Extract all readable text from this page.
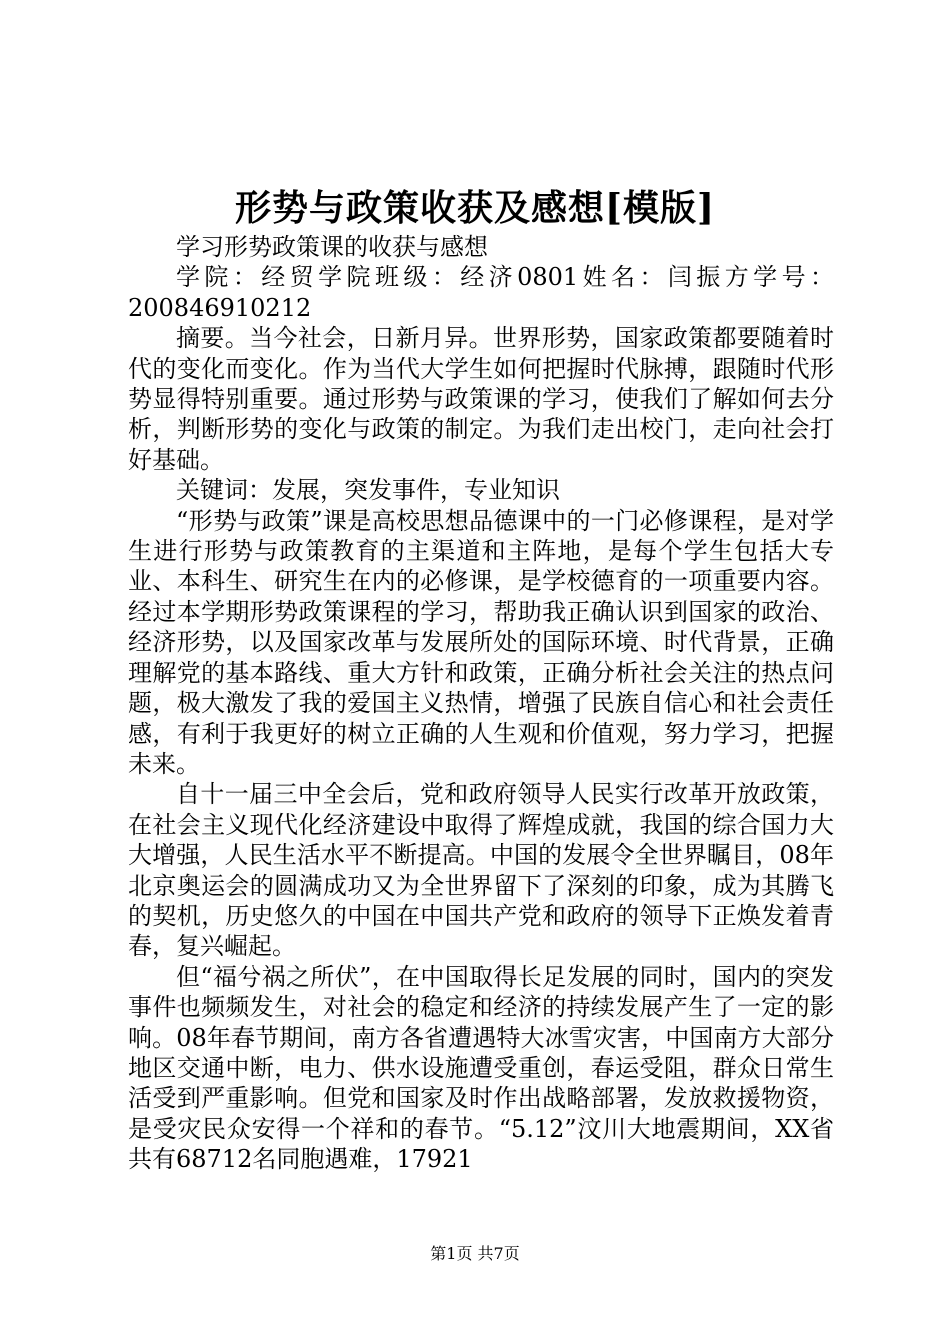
形势与政策收获及感想[模版]

学习形势政策课的收获与感想

学院：经贸学院班级：经济0801姓名：闫振方学号：200846910212

摘要。当今社会，日新月异。世界形势，国家政策都要随着时代的变化而变化。作为当代大学生如何把握时代脉搏，跟随时代形势显得特别重要。通过形势与政策课的学习，使我们了解如何去分析，判断形势的变化与政策的制定。为我们走出校门，走向社会打好基础。

关键词：发展，突发事件，专业知识

“形势与政策”课是高校思想品德课中的一门必修课程，是对学生进行形势与政策教育的主渠道和主阵地，是每个学生包括大专业、本科生、研究生在内的必修课，是学校德育的一项重要内容。经过本学期形势政策课程的学习，帮助我正确认识到国家的政治、经济形势，以及国家改革与发展所处的国际环境、时代背景，正确理解党的基本路线、重大方针和政策，正确分析社会关注的热点问题，极大激发了我的爱国主义热情，增强了民族自信心和社会责任感，有利于我更好的树立正确的人生观和价值观，努力学习，把握未来。

自十一届三中全会后，党和政府领导人民实行改革开放政策，在社会主义现代化经济建设中取得了辉煌成就，我国的综合国力大大增强，人民生活水平不断提高。中国的发展令全世界瞩目，08年北京奥运会的圆满成功又为全世界留下了深刻的印象，成为其腾飞的契机，历史悠久的中国在中国共产党和政府的领导下正焕发着青春，复兴崛起。

但“福兮祸之所伏”，在中国取得长足发展的同时，国内的突发事件也频频发生，对社会的稳定和经济的持续发展产生了一定的影响。08年春节期间，南方各省遭遇特大冰雪灾害，中国南方大部分地区交通中断，电力、供水设施遭受重创，春运受阻，群众日常生活受到严重影响。但党和国家及时作出战略部署，发放救援物资，是受灾民众安得一个祥和的春节。“5.12”汶川大地震期间，XX省共有68712名同胞遇难，17921

第1页 共7页
